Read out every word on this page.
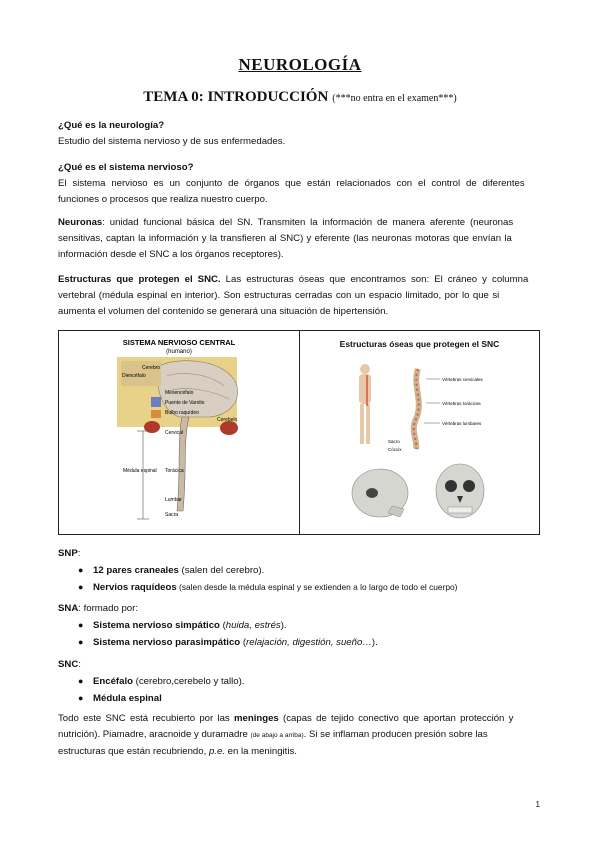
NEUROLOGÍA
TEMA 0: INTRODUCCIÓN (***no entra en el examen***)
¿Qué es la neurología?
Estudio del sistema nervioso y de sus enfermedades.
¿Qué es el sistema nervioso?
El sistema nervioso es un conjunto de órganos que están relacionados con el control de diferentes
funciones o procesos que realiza nuestro cuerpo.
Neuronas: unidad funcional básica del SN. Transmiten la información de manera aferente (neuronas
sensitivas, captan la información y la transfieren al SNC) y eferente (las neuronas motoras que envían la
información desde el SNC a los órganos receptores).
Estructuras que protegen el SNC. Las estructuras óseas que encontramos son: El cráneo y columna
vertebral (médula espinal en interior). Son estructuras cerradas con un espacio limitado, por lo que si
aumenta el volumen del contenido se generará una situación de hipertensión.
SISTEMA NERVIOSO CENTRAL
(humano)
Cerebro
Diencéfalo
Mesencéfalo
Puente de Varolio
Bulbo raquídeo
Cerebelo
Cervical
Médula espinal Torácica
Lumbar
Sacra
Estructuras óseas que protegen el SNC
Vértebras cervicales
Vértebras torácicas
Vértebras lumbares
Sacro
Cóccix
SNP:
● 12 pares craneales (salen del cerebro).
● Nervios raquídeos (salen desde la médula espinal y se extienden a lo largo de todo el cuerpo)
SNA: formado por:
● Sistema nervioso simpático (huida, estrés).
● Sistema nervioso parasimpático (relajación, digestión, sueño…).
SNC:
● Encéfalo (cerebro,cerebelo y tallo).
● Médula espinal
Todo este SNC está recubierto por las meninges (capas de tejido conectivo que aportan protección y
nutrición). Piamadre, aracnoide y duramadre (de abajo a arriba). Si se inflaman producen presión sobre las
estructuras que están recubriendo, p.e. en la meningitis.
1
